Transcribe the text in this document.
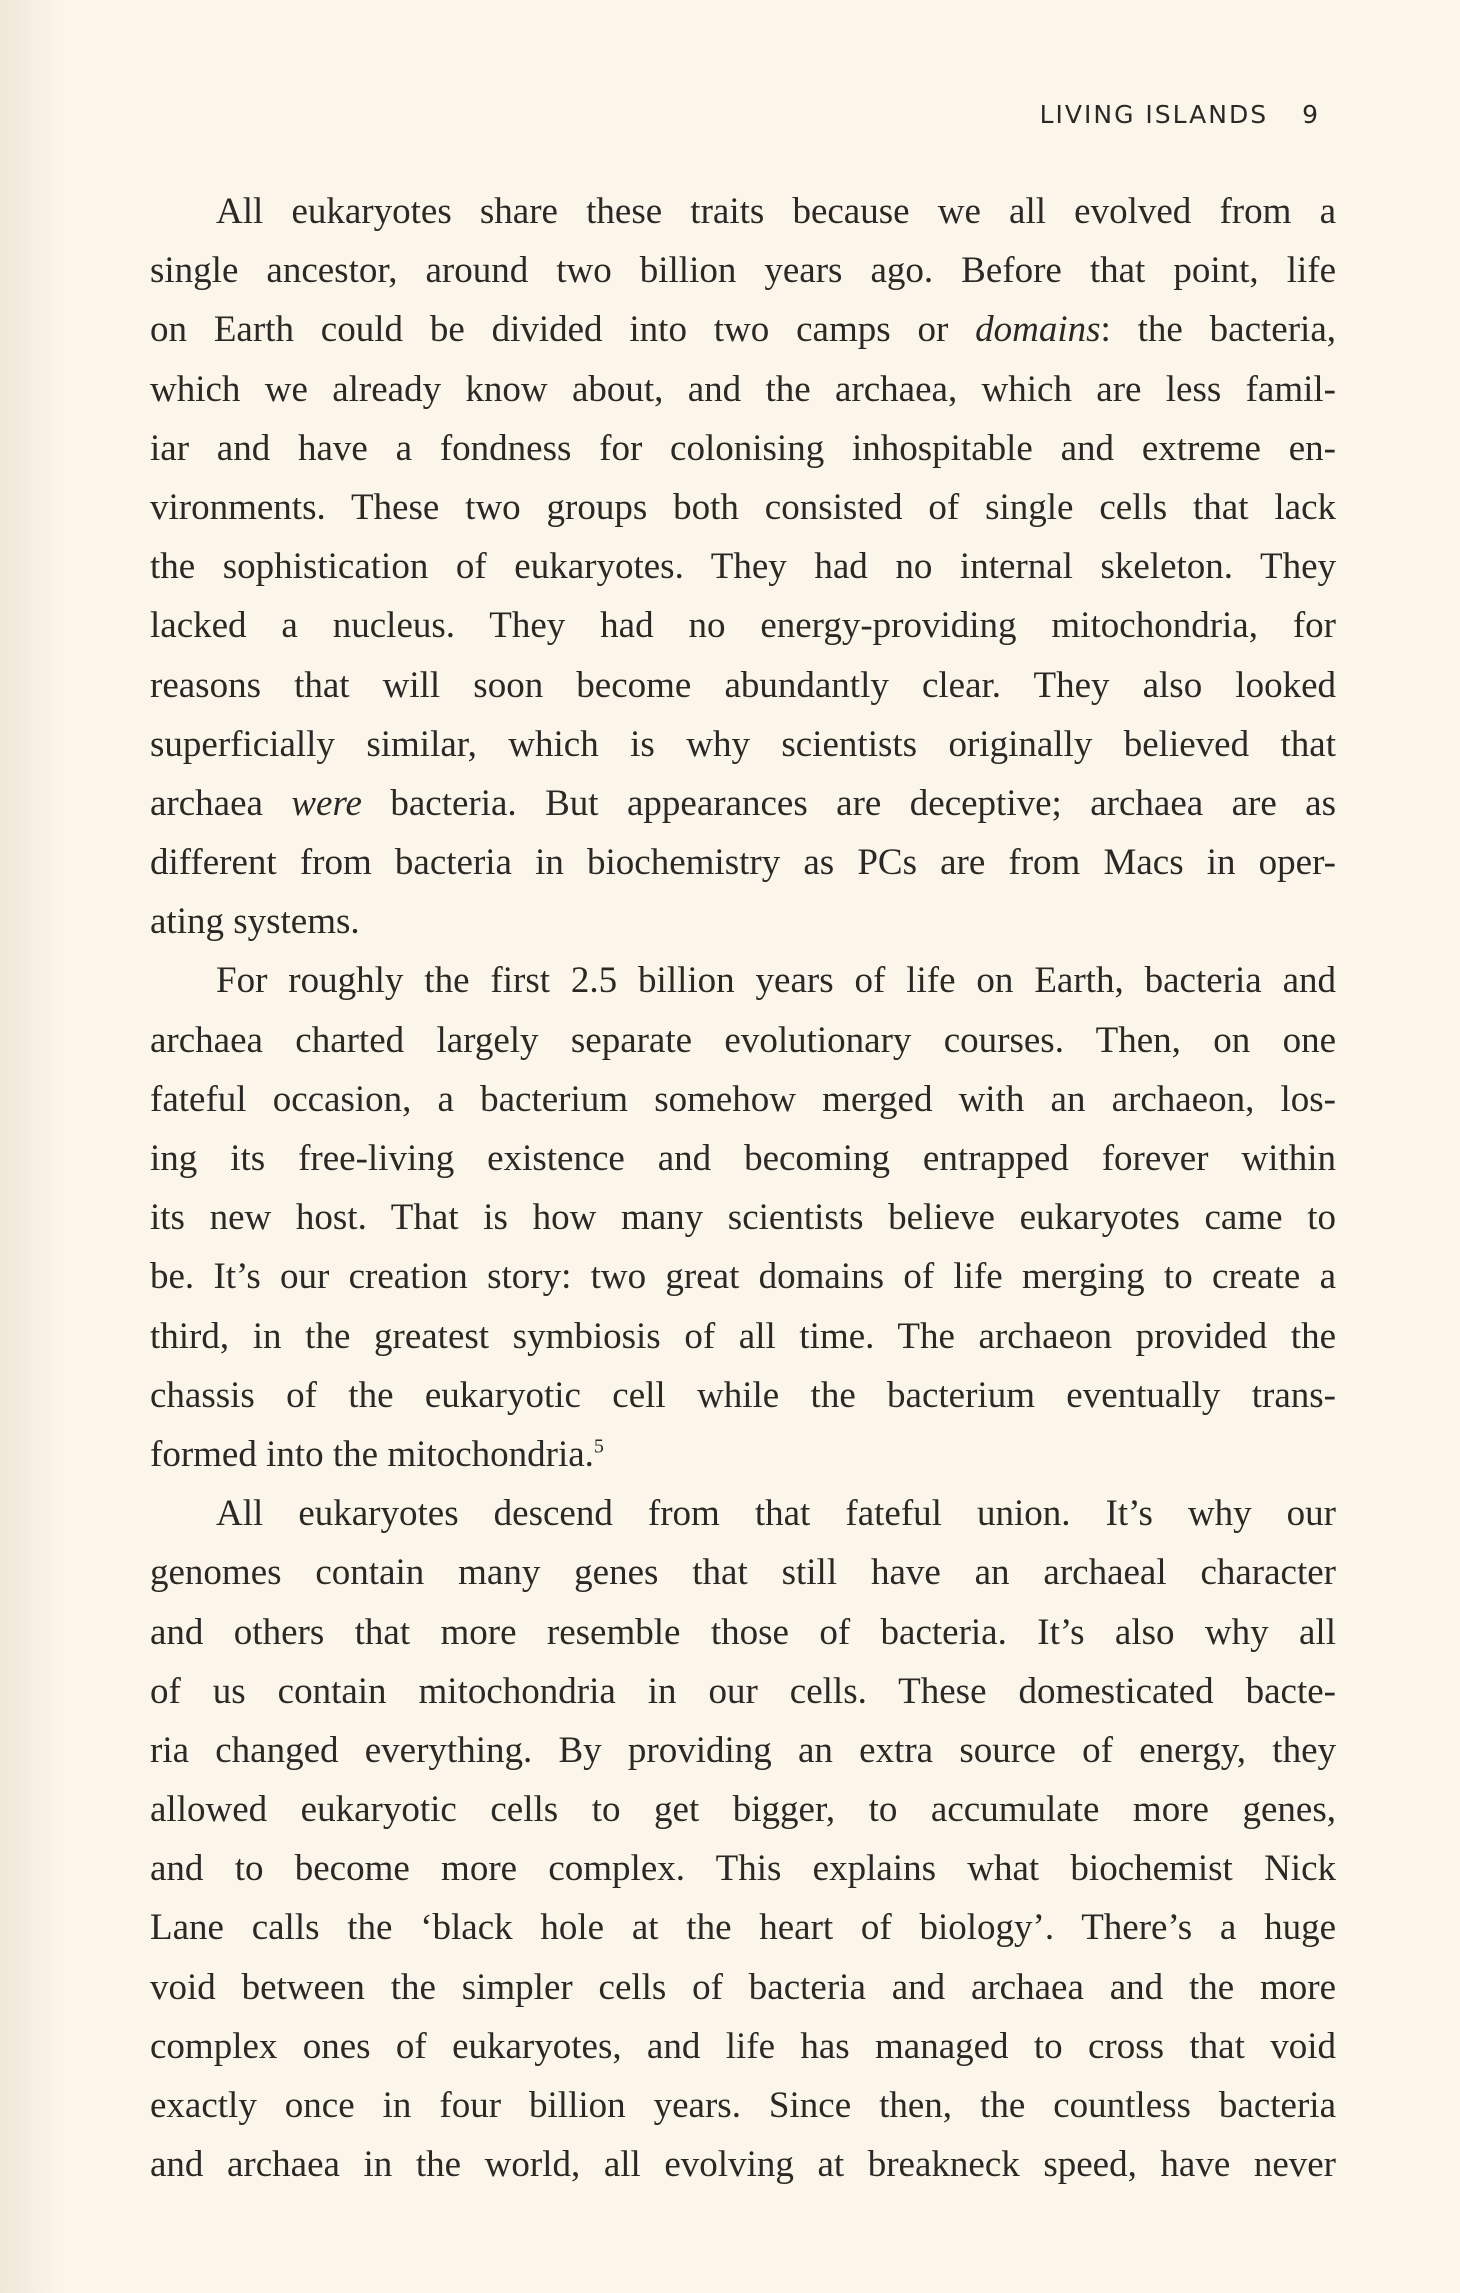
LIVING ISLANDS 9
All eukaryotes share these traits because we all evolved from a
single ancestor, around two billion years ago. Before that point, life
on Earth could be divided into two camps or domains: the bacteria,
which we already know about, and the archaea, which are less famil-
iar and have a fondness for colonising inhospitable and extreme en-
vironments. These two groups both consisted of single cells that lack
the sophistication of eukaryotes. They had no internal skeleton. They
lacked a nucleus. They had no energy-providing mitochondria, for
reasons that will soon become abundantly clear. They also looked
superficially similar, which is why scientists originally believed that
archaea were bacteria. But appearances are deceptive; archaea are as
different from bacteria in biochemistry as PCs are from Macs in oper-
ating systems.
For roughly the first 2.5 billion years of life on Earth, bacteria and
archaea charted largely separate evolutionary courses. Then, on one
fateful occasion, a bacterium somehow merged with an archaeon, los-
ing its free-living existence and becoming entrapped forever within
its new host. That is how many scientists believe eukaryotes came to
be. It’s our creation story: two great domains of life merging to create a
third, in the greatest symbiosis of all time. The archaeon provided the
chassis of the eukaryotic cell while the bacterium eventually trans-
formed into the mitochondria.$^5$
All eukaryotes descend from that fateful union. It’s why our
genomes contain many genes that still have an archaeal character
and others that more resemble those of bacteria. It’s also why all
of us contain mitochondria in our cells. These domesticated bacte-
ria changed everything. By providing an extra source of energy, they
allowed eukaryotic cells to get bigger, to accumulate more genes,
and to become more complex. This explains what biochemist Nick
Lane calls the ‘black hole at the heart of biology’. There’s a huge
void between the simpler cells of bacteria and archaea and the more
complex ones of eukaryotes, and life has managed to cross that void
exactly once in four billion years. Since then, the countless bacteria
and archaea in the world, all evolving at breakneck speed, have never
